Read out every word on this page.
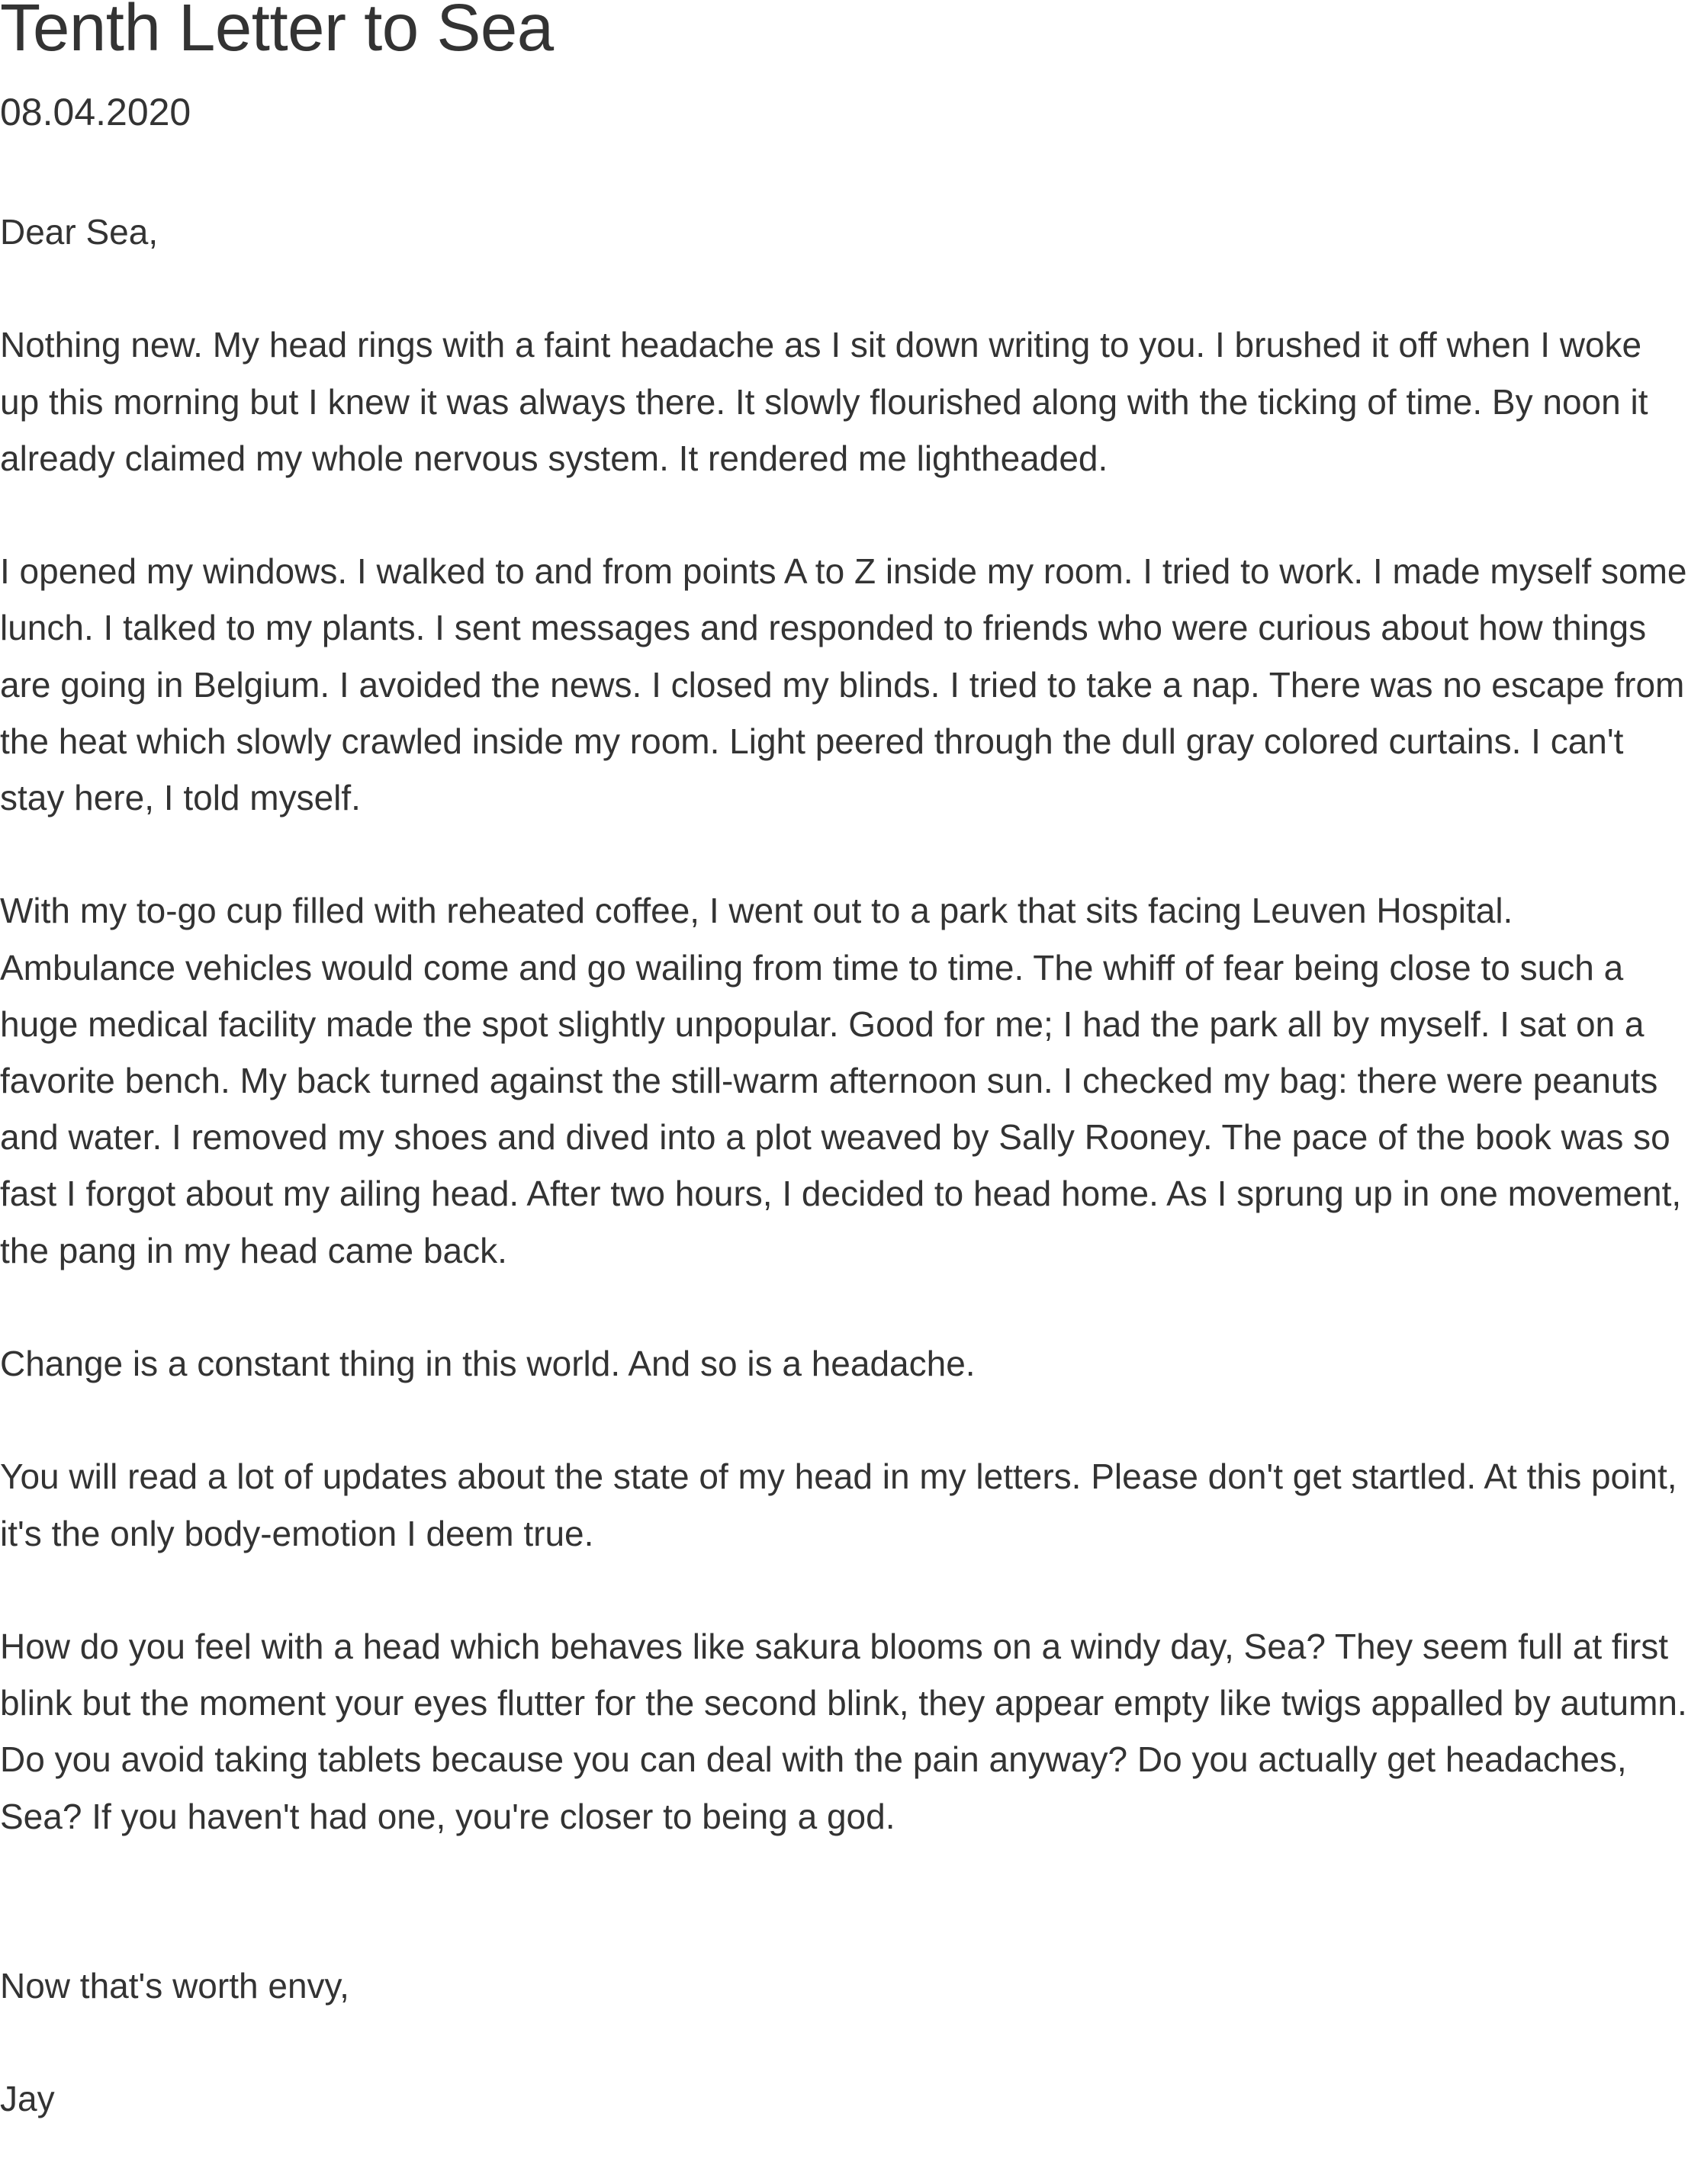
Tenth Letter to Sea
08.04.2020

Dear Sea,

Nothing new. My head rings with a faint headache as I sit down writing to you. I brushed it off when I woke up this morning but I knew it was always there. It slowly flourished along with the ticking of time. By noon it already claimed my whole nervous system. It rendered me lightheaded.

I opened my windows. I walked to and from points A to Z inside my room. I tried to work. I made myself some lunch. I talked to my plants. I sent messages and responded to friends who were curious about how things are going in Belgium. I avoided the news. I closed my blinds. I tried to take a nap. There was no escape from the heat which slowly crawled inside my room. Light peered through the dull gray colored curtains. I can't stay here, I told myself.

With my to-go cup filled with reheated coffee, I went out to a park that sits facing Leuven Hospital. Ambulance vehicles would come and go wailing from time to time. The whiff of fear being close to such a huge medical facility made the spot slightly unpopular. Good for me; I had the park all by myself. I sat on a favorite bench. My back turned against the still-warm afternoon sun. I checked my bag: there were peanuts and water. I removed my shoes and dived into a plot weaved by Sally Rooney. The pace of the book was so fast I forgot about my ailing head. After two hours, I decided to head home. As I sprung up in one movement, the pang in my head came back.

Change is a constant thing in this world. And so is a headache.

You will read a lot of updates about the state of my head in my letters. Please don't get startled. At this point, it's the only body-emotion I deem true.

How do you feel with a head which behaves like sakura blooms on a windy day, Sea? They seem full at first blink but the moment your eyes flutter for the second blink, they appear empty like twigs appalled by autumn. Do you avoid taking tablets because you can deal with the pain anyway? Do you actually get headaches, Sea? If you haven't had one, you're closer to being a god.

Now that's worth envy,

Jay
